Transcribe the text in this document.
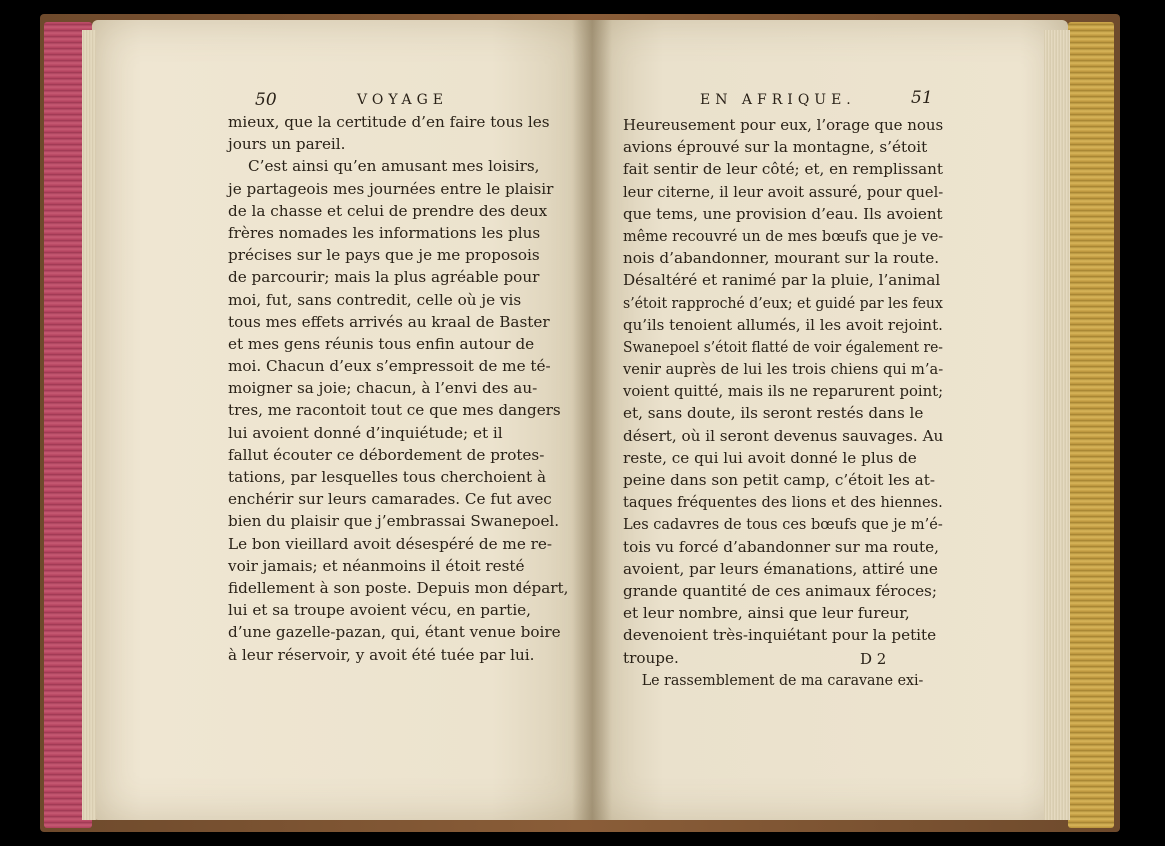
50	VOYAGE	EN AFRIQUE.	51
mieux, que la certitude d’en faire tous les
jours un pareil.
C’est ainsi qu’en amusant mes loisirs,
je partageois mes journées entre le plaisir
de la chasse et celui de prendre des deux
frères nomades les informations les plus
précises sur le pays que je me proposois
de parcourir; mais la plus agréable pour
moi, fut, sans contredit, celle où je vis
tous mes effets arrivés au kraal de Baster
et mes gens réunis tous enfin autour de
moi. Chacun d’eux s’empressoit de me té-
moigner sa joie; chacun, à l’envi des au-
tres, me racontoit tout ce que mes dangers
lui avoient donné d’inquiétude; et il
fallut écouter ce débordement de protes-
tations, par lesquelles tous cherchoient à
enchérir sur leurs camarades. Ce fut avec
bien du plaisir que j’embrassai Swanepoel.
Le bon vieillard avoit désespéré de me re-
voir jamais; et néanmoins il étoit resté
fidellement à son poste. Depuis mon départ,
lui et sa troupe avoient vécu, en partie,
d’une gazelle-pazan, qui, étant venue boire
à leur réservoir, y avoit été tuée par lui.
Heureusement pour eux, l’orage que nous
avions éprouvé sur la montagne, s’étoit
fait sentir de leur côté; et, en remplissant
leur citerne, il leur avoit assuré, pour quel-
que tems, une provision d’eau. Ils avoient
même recouvré un de mes bœufs que je ve-
nois d’abandonner, mourant sur la route.
Désaltéré et ranimé par la pluie, l’animal
s’étoit rapproché d’eux; et guidé par les feux
qu’ils tenoient allumés, il les avoit rejoint.
Swanepoel s’étoit flatté de voir également re-
venir auprès de lui les trois chiens qui m’a-
voient quitté, mais ils ne reparurent point;
et, sans doute, ils seront restés dans le
désert, où il seront devenus sauvages. Au
reste, ce qui lui avoit donné le plus de
peine dans son petit camp, c’étoit les at-
taques fréquentes des lions et des hiennes.
Les cadavres de tous ces bœufs que je m’é-
tois vu forcé d’abandonner sur ma route,
avoient, par leurs émanations, attiré une
grande quantité de ces animaux féroces;
et leur nombre, ainsi que leur fureur,
devenoient très-inquiétant pour la petite
troupe.
Le rassemblement de ma caravane exi-
D 2
